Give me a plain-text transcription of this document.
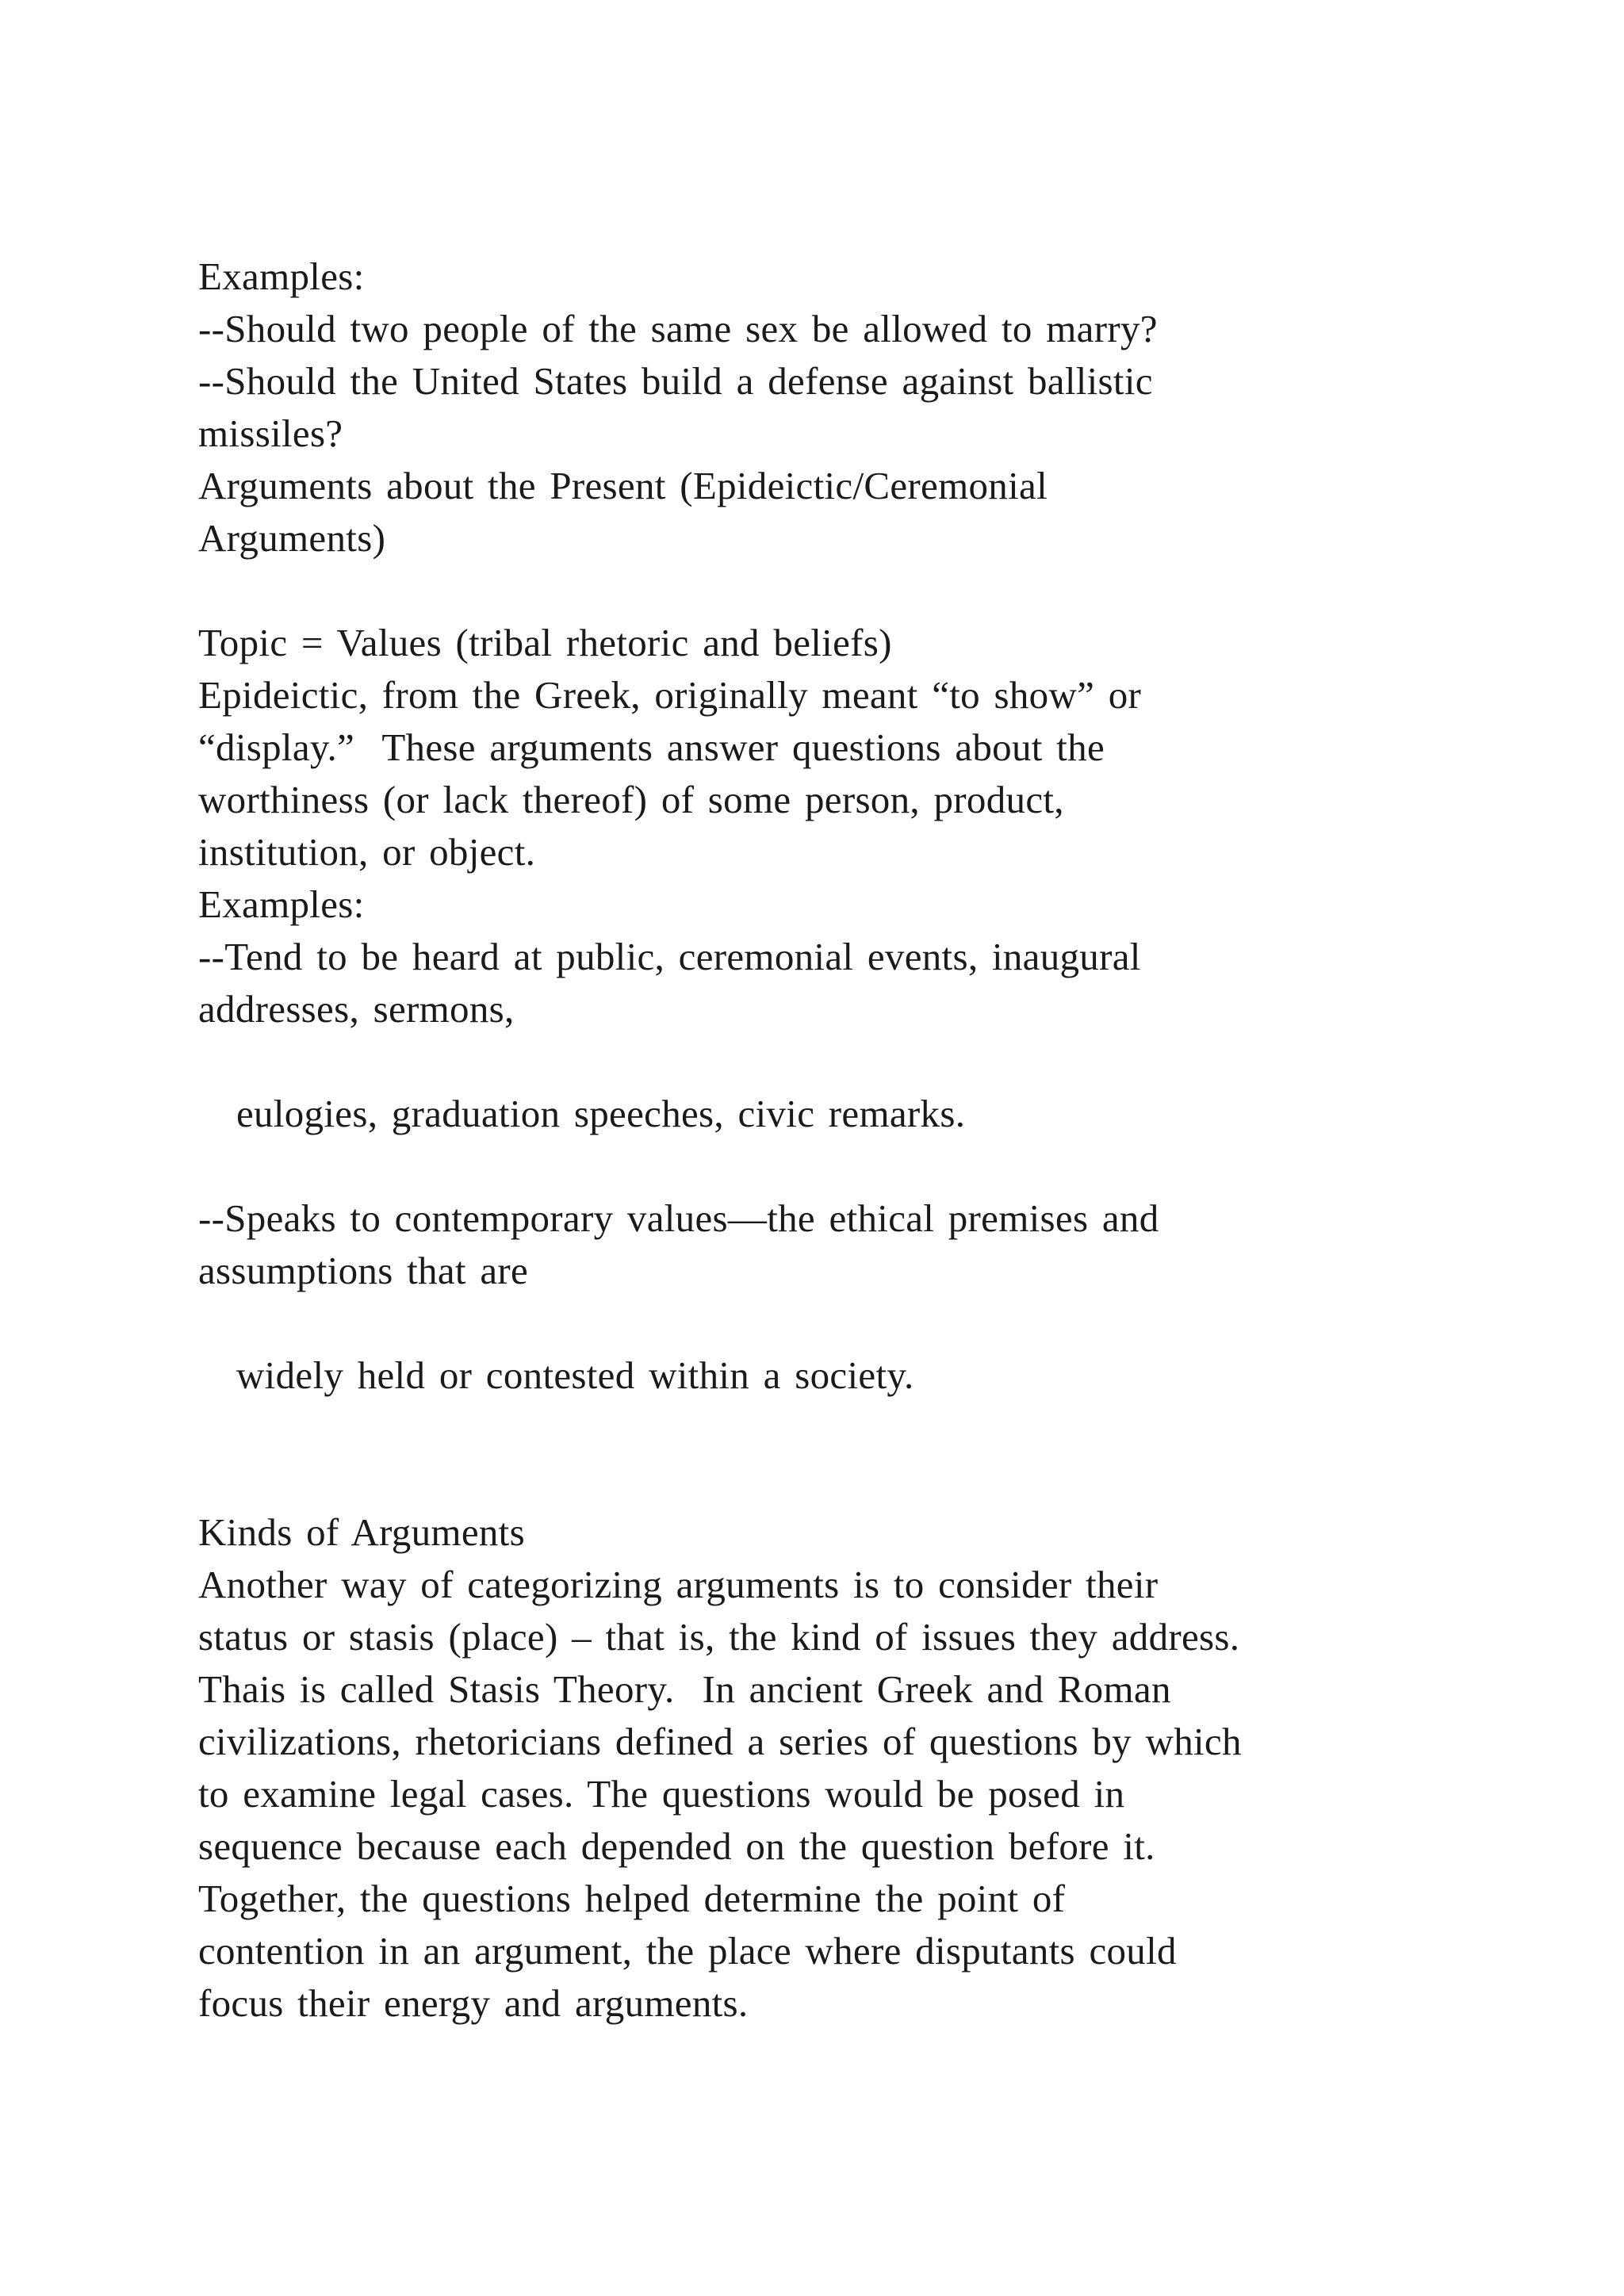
Examples:
--Should two people of the same sex be allowed to marry?
--Should the United States build a defense against ballistic
missiles?
Arguments about the Present (Epideictic/Ceremonial
Arguments)
Topic = Values (tribal rhetoric and beliefs)
Epideictic, from the Greek, originally meant “to show” or
“display.”  These arguments answer questions about the
worthiness (or lack thereof) of some person, product,
institution, or object.
Examples:
--Tend to be heard at public, ceremonial events, inaugural
addresses, sermons,
eulogies, graduation speeches, civic remarks.
--Speaks to contemporary values—the ethical premises and
assumptions that are
widely held or contested within a society.
Kinds of Arguments
Another way of categorizing arguments is to consider their
status or stasis (place) – that is, the kind of issues they address.
Thais is called Stasis Theory.  In ancient Greek and Roman
civilizations, rhetoricians defined a series of questions by which
to examine legal cases. The questions would be posed in
sequence because each depended on the question before it.
Together, the questions helped determine the point of
contention in an argument, the place where disputants could
focus their energy and arguments.
